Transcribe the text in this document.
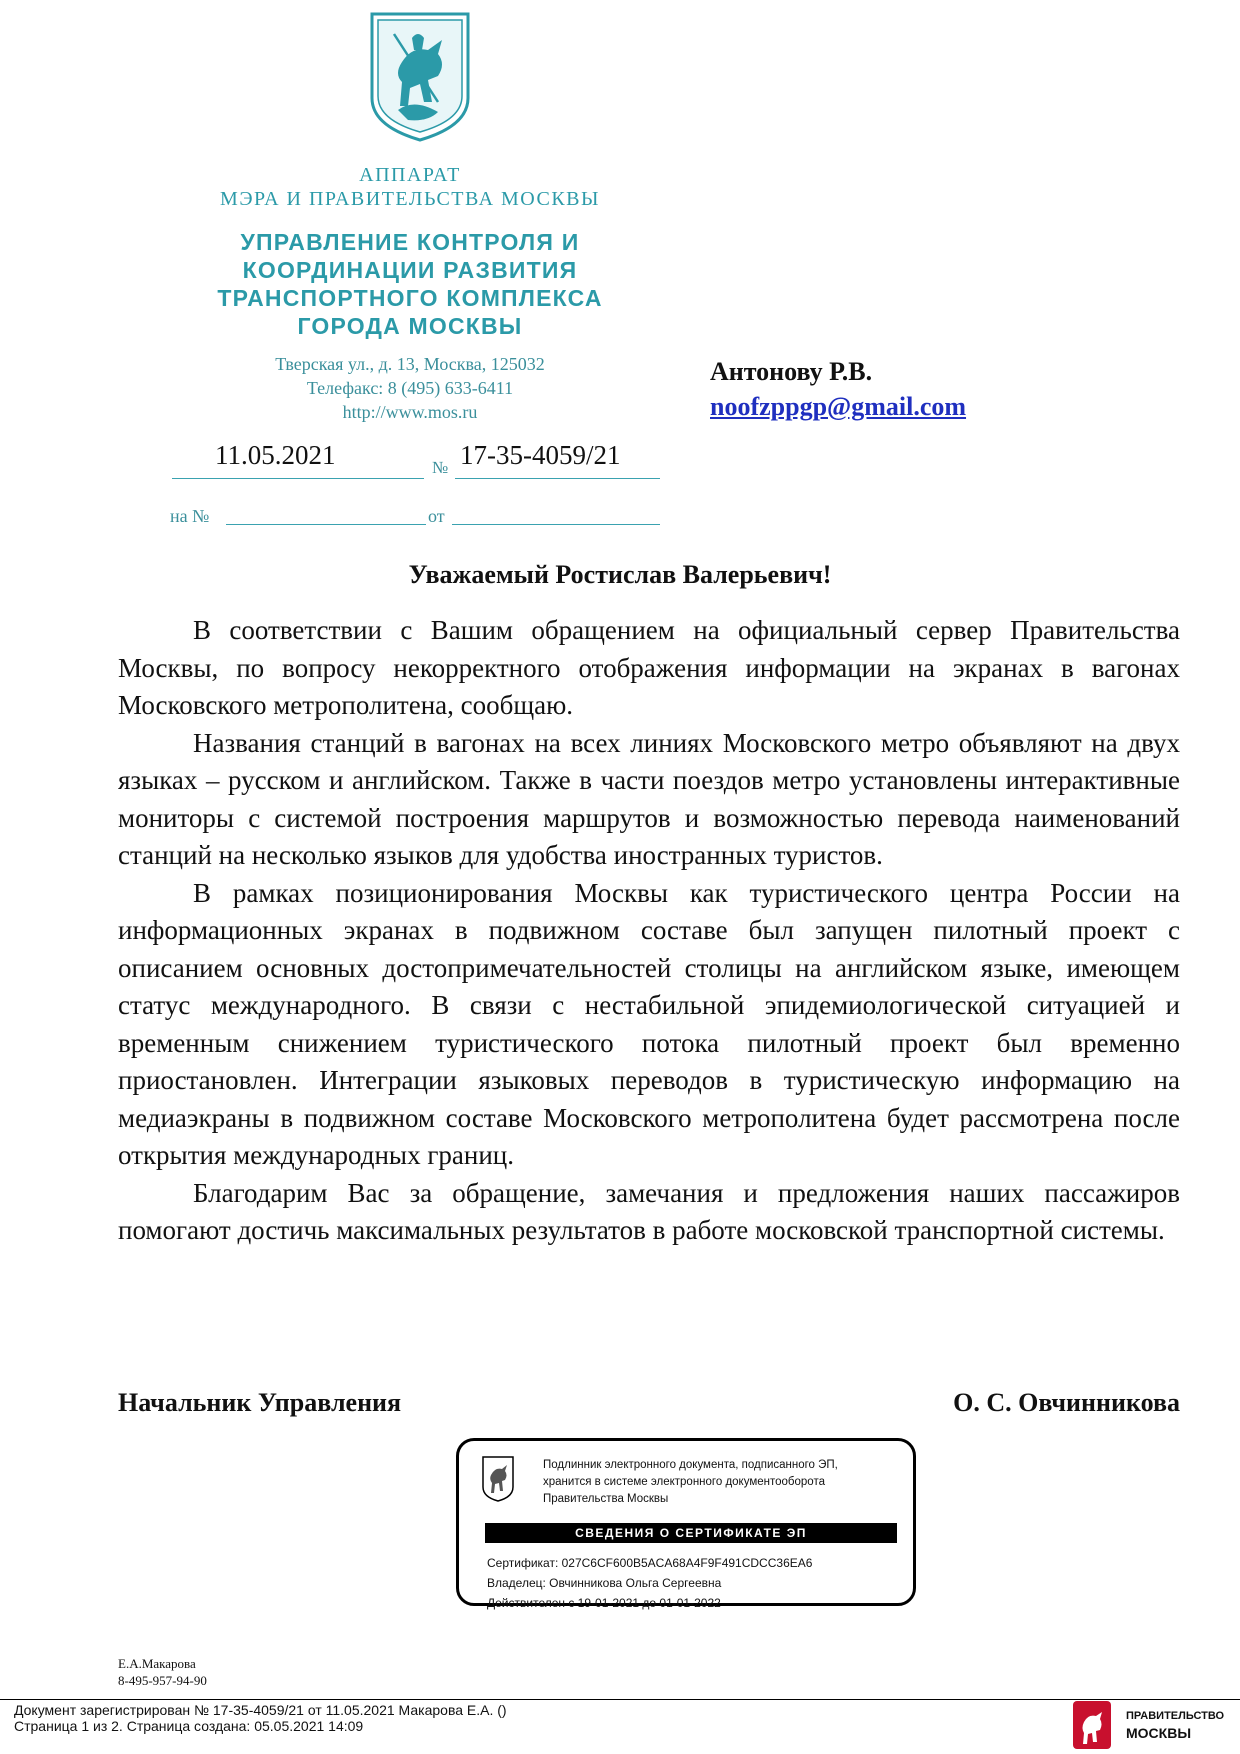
АППАРАТ
МЭРА И ПРАВИТЕЛЬСТВА МОСКВЫ
УПРАВЛЕНИЕ КОНТРОЛЯ И
КООРДИНАЦИИ РАЗВИТИЯ
ТРАНСПОРТНОГО КОМПЛЕКСА
ГОРОДА МОСКВЫ
Тверская ул., д. 13, Москва, 125032
Телефакс: 8 (495) 633-6411
http://www.mos.ru
11.05.2021	№ 17-35-4059/21
на №	от
Антонову Р.В.
noofzppgp@gmail.com
Уважаемый Ростислав Валерьевич!

В соответствии с Вашим обращением на официальный сервер Правительства Москвы, по вопросу некорректного отображения информации на экранах в вагонах Московского метрополитена, сообщаю.

Названия станций в вагонах на всех линиях Московского метро объявляют на двух языках – русском и английском. Также в части поездов метро установлены интерактивные мониторы с системой построения маршрутов и возможностью перевода наименований станций на несколько языков для удобства иностранных туристов.

В рамках позиционирования Москвы как туристического центра России на информационных экранах в подвижном составе был запущен пилотный проект с описанием основных достопримечательностей столицы на английском языке, имеющем статус международного. В связи с нестабильной эпидемиологической ситуацией и временным снижением туристического потока пилотный проект был временно приостановлен. Интеграции языковых переводов в туристическую информацию на медиаэкраны в подвижном составе Московского метрополитена будет рассмотрена после открытия международных границ.

Благодарим Вас за обращение, замечания и предложения наших пассажиров помогают достичь максимальных результатов в работе московской транспортной системы.

Начальник Управления	О. С. Овчинникова
Подлинник электронного документа, подписанного ЭП,
хранится в системе электронного документооборота
Правительства Москвы
СВЕДЕНИЯ О СЕРТИФИКАТЕ ЭП
Сертификат: 027C6CF600B5ACA68A4F9F491CDCC36EA6
Владелец: Овчинникова Ольга Сергеевна
Действителен с 19-01-2021 до 01-01-2022
Е.А.Макарова
8-495-957-94-90
Документ зарегистрирован № 17-35-4059/21 от 11.05.2021 Макарова Е.А. ()
Страница 1 из 2. Страница создана: 05.05.2021 14:09
ПРАВИТЕЛЬСТВО
МОСКВЫ
